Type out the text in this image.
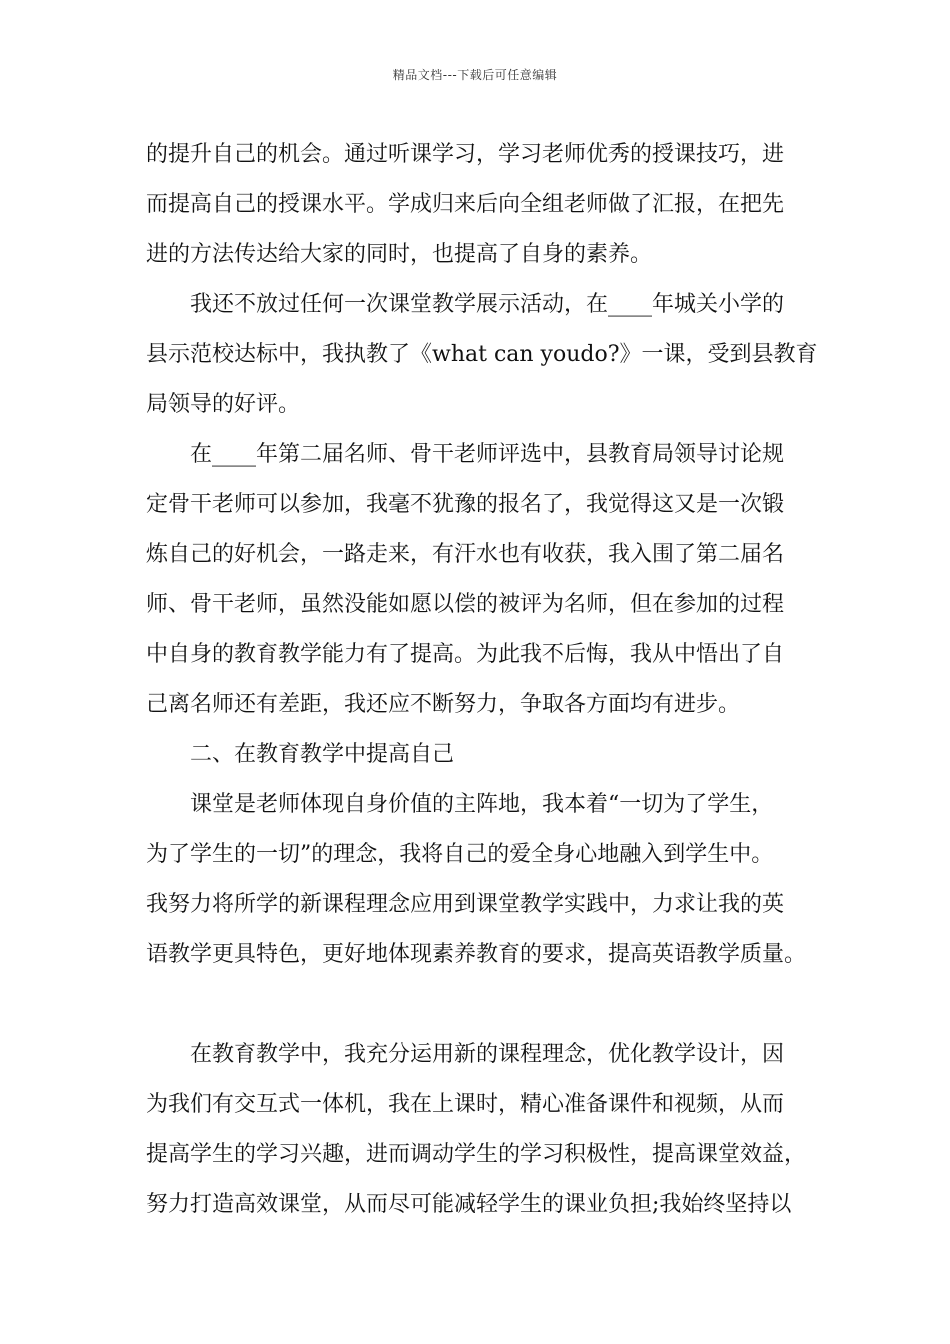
精品文档---下载后可任意编辑
的提升自己的机会。通过听课学习，学习老师优秀的授课技巧，进
而提高自己的授课水平。学成归来后向全组老师做了汇报，在把先
进的方法传达给大家的同时，也提高了自身的素养。
我还不放过任何一次课堂教学展示活动，在____年城关小学的
县示范校达标中，我执教了《what can youdo?》一课，受到县教育
局领导的好评。
在____年第二届名师、骨干老师评选中，县教育局领导讨论规
定骨干老师可以参加，我毫不犹豫的报名了，我觉得这又是一次锻
炼自己的好机会，一路走来，有汗水也有收获，我入围了第二届名
师、骨干老师，虽然没能如愿以偿的被评为名师，但在参加的过程
中自身的教育教学能力有了提高。为此我不后悔，我从中悟出了自
己离名师还有差距，我还应不断努力，争取各方面均有进步。
二、在教育教学中提高自己
课堂是老师体现自身价值的主阵地，我本着“一切为了学生，
为了学生的一切”的理念，我将自己的爱全身心地融入到学生中。
我努力将所学的新课程理念应用到课堂教学实践中，力求让我的英
语教学更具特色，更好地体现素养教育的要求，提高英语教学质量。
在教育教学中，我充分运用新的课程理念，优化教学设计，因
为我们有交互式一体机，我在上课时，精心准备课件和视频，从而
提高学生的学习兴趣，进而调动学生的学习积极性，提高课堂效益，
努力打造高效课堂，从而尽可能减轻学生的课业负担;我始终坚持以
